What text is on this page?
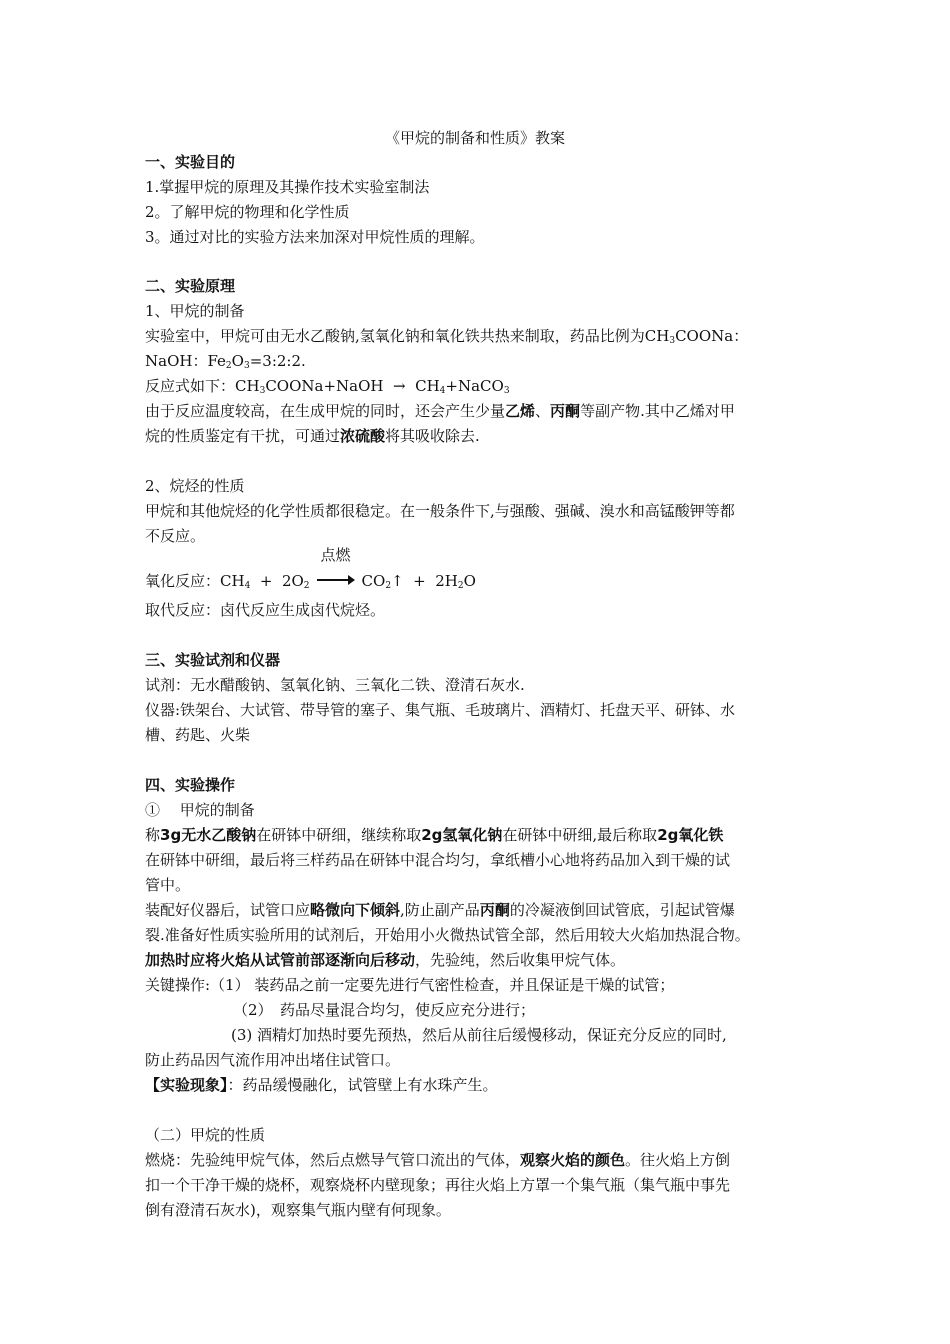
《甲烷的制备和性质》教案
一、实验目的
1.掌握甲烷的原理及其操作技术实验室制法
2。了解甲烷的物理和化学性质
3。通过对比的实验方法来加深对甲烷性质的理解。
二、实验原理
1、甲烷的制备
实验室中，甲烷可由无水乙酸钠,氢氧化钠和氧化铁共热来制取，药品比例为$CH_3COONa$：
NaOH：$Fe_2O_3=3:2:2$.
反应式如下：$CH_3COONa+NaOH$  →  $CH_4+NaCO_3$
由于反应温度较高，在生成甲烷的同时，还会产生少量乙烯、丙酮等副产物.其中乙烯对甲
烷的性质鉴定有干扰，可通过浓硫酸将其吸收除去.
2、烷烃的性质
甲烷和其他烷烃的化学性质都很稳定。在一般条件下,与强酸、强碱、溴水和高锰酸钾等都
不反应。
氧化反应：$CH_4 + 2O_2$
点燃
$CO_2↑ + 2H_2O$
取代反应：卤代反应生成卤代烷烃。
三、实验试剂和仪器
试剂：无水醋酸钠、氢氧化钠、三氧化二铁、澄清石灰水.
仪器:铁架台、大试管、带导管的塞子、集气瓶、毛玻璃片、酒精灯、托盘天平、研钵、水
槽、药匙、火柴
四、实验操作
①　 甲烷的制备
称3g无水乙酸钠在研钵中研细，继续称取2g氢氧化钠在研钵中研细,最后称取2g氧化铁
在研钵中研细，最后将三样药品在研钵中混合均匀，拿纸槽小心地将药品加入到干燥的试
管中。
装配好仪器后，试管口应略微向下倾斜,防止副产品丙酮的冷凝液倒回试管底，引起试管爆
裂.准备好性质实验所用的试剂后，开始用小火微热试管全部，然后用较大火焰加热混合物。
加热时应将火焰从试管前部逐渐向后移动，先验纯，然后收集甲烷气体。
关键操作:（1） 装药品之前一定要先进行气密性检查，并且保证是干燥的试管；
（2）　药品尽量混合均匀，使反应充分进行；
(3) 酒精灯加热时要先预热，然后从前往后缓慢移动，保证充分反应的同时,
防止药品因气流作用冲出堵住试管口。
【实验现象】：药品缓慢融化，试管壁上有水珠产生。
（二）甲烷的性质
燃烧：先验纯甲烷气体，然后点燃导气管口流出的气体，观察火焰的颜色。往火焰上方倒
扣一个干净干燥的烧杯，观察烧杯内壁现象；再往火焰上方罩一个集气瓶（集气瓶中事先
倒有澄清石灰水)，观察集气瓶内壁有何现象。
